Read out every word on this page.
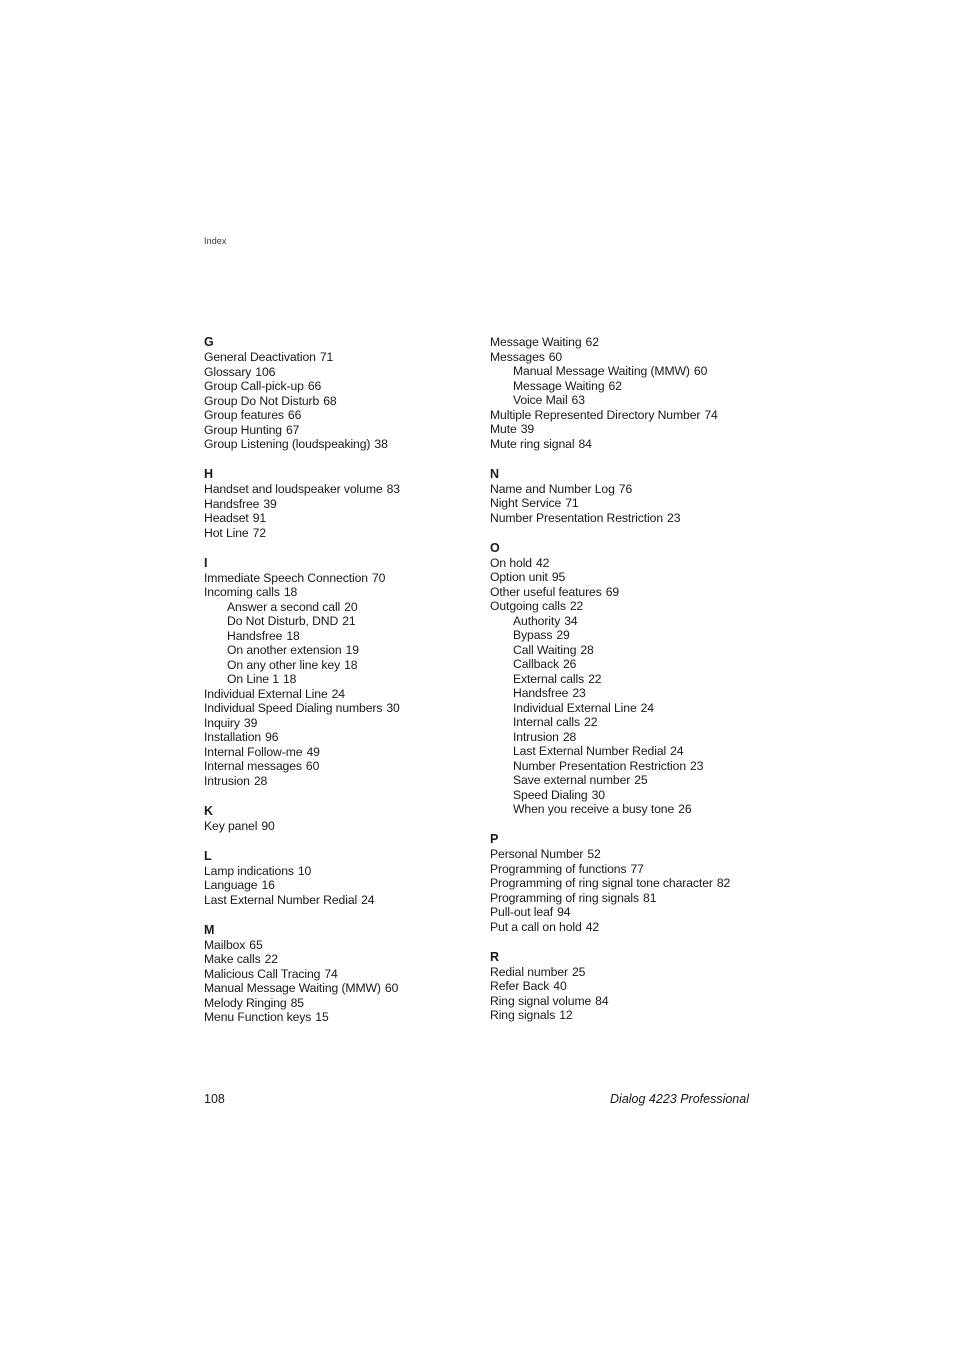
Index
G
General Deactivation 71
Glossary 106
Group Call-pick-up 66
Group Do Not Disturb 68
Group features 66
Group Hunting 67
Group Listening (loudspeaking) 38
H
Handset and loudspeaker volume 83
Handsfree 39
Headset 91
Hot Line 72
I
Immediate Speech Connection 70
Incoming calls 18
Answer a second call 20
Do Not Disturb, DND 21
Handsfree 18
On another extension 19
On any other line key 18
On Line 1 18
Individual External Line 24
Individual Speed Dialing numbers 30
Inquiry 39
Installation 96
Internal Follow-me 49
Internal messages 60
Intrusion 28
K
Key panel 90
L
Lamp indications 10
Language 16
Last External Number Redial 24
M
Mailbox 65
Make calls 22
Malicious Call Tracing 74
Manual Message Waiting (MMW) 60
Melody Ringing 85
Menu Function keys 15
Message Waiting 62
Messages 60
Manual Message Waiting (MMW) 60
Message Waiting 62
Voice Mail 63
Multiple Represented Directory Number 74
Mute 39
Mute ring signal 84
N
Name and Number Log 76
Night Service 71
Number Presentation Restriction 23
O
On hold 42
Option unit 95
Other useful features 69
Outgoing calls 22
Authority 34
Bypass 29
Call Waiting 28
Callback 26
External calls 22
Handsfree 23
Individual External Line 24
Internal calls 22
Intrusion 28
Last External Number Redial 24
Number Presentation Restriction 23
Save external number 25
Speed Dialing 30
When you receive a busy tone 26
P
Personal Number 52
Programming of functions 77
Programming of ring signal tone character 82
Programming of ring signals 81
Pull-out leaf 94
Put a call on hold 42
R
Redial number 25
Refer Back 40
Ring signal volume 84
Ring signals 12
108	Dialog 4223 Professional
